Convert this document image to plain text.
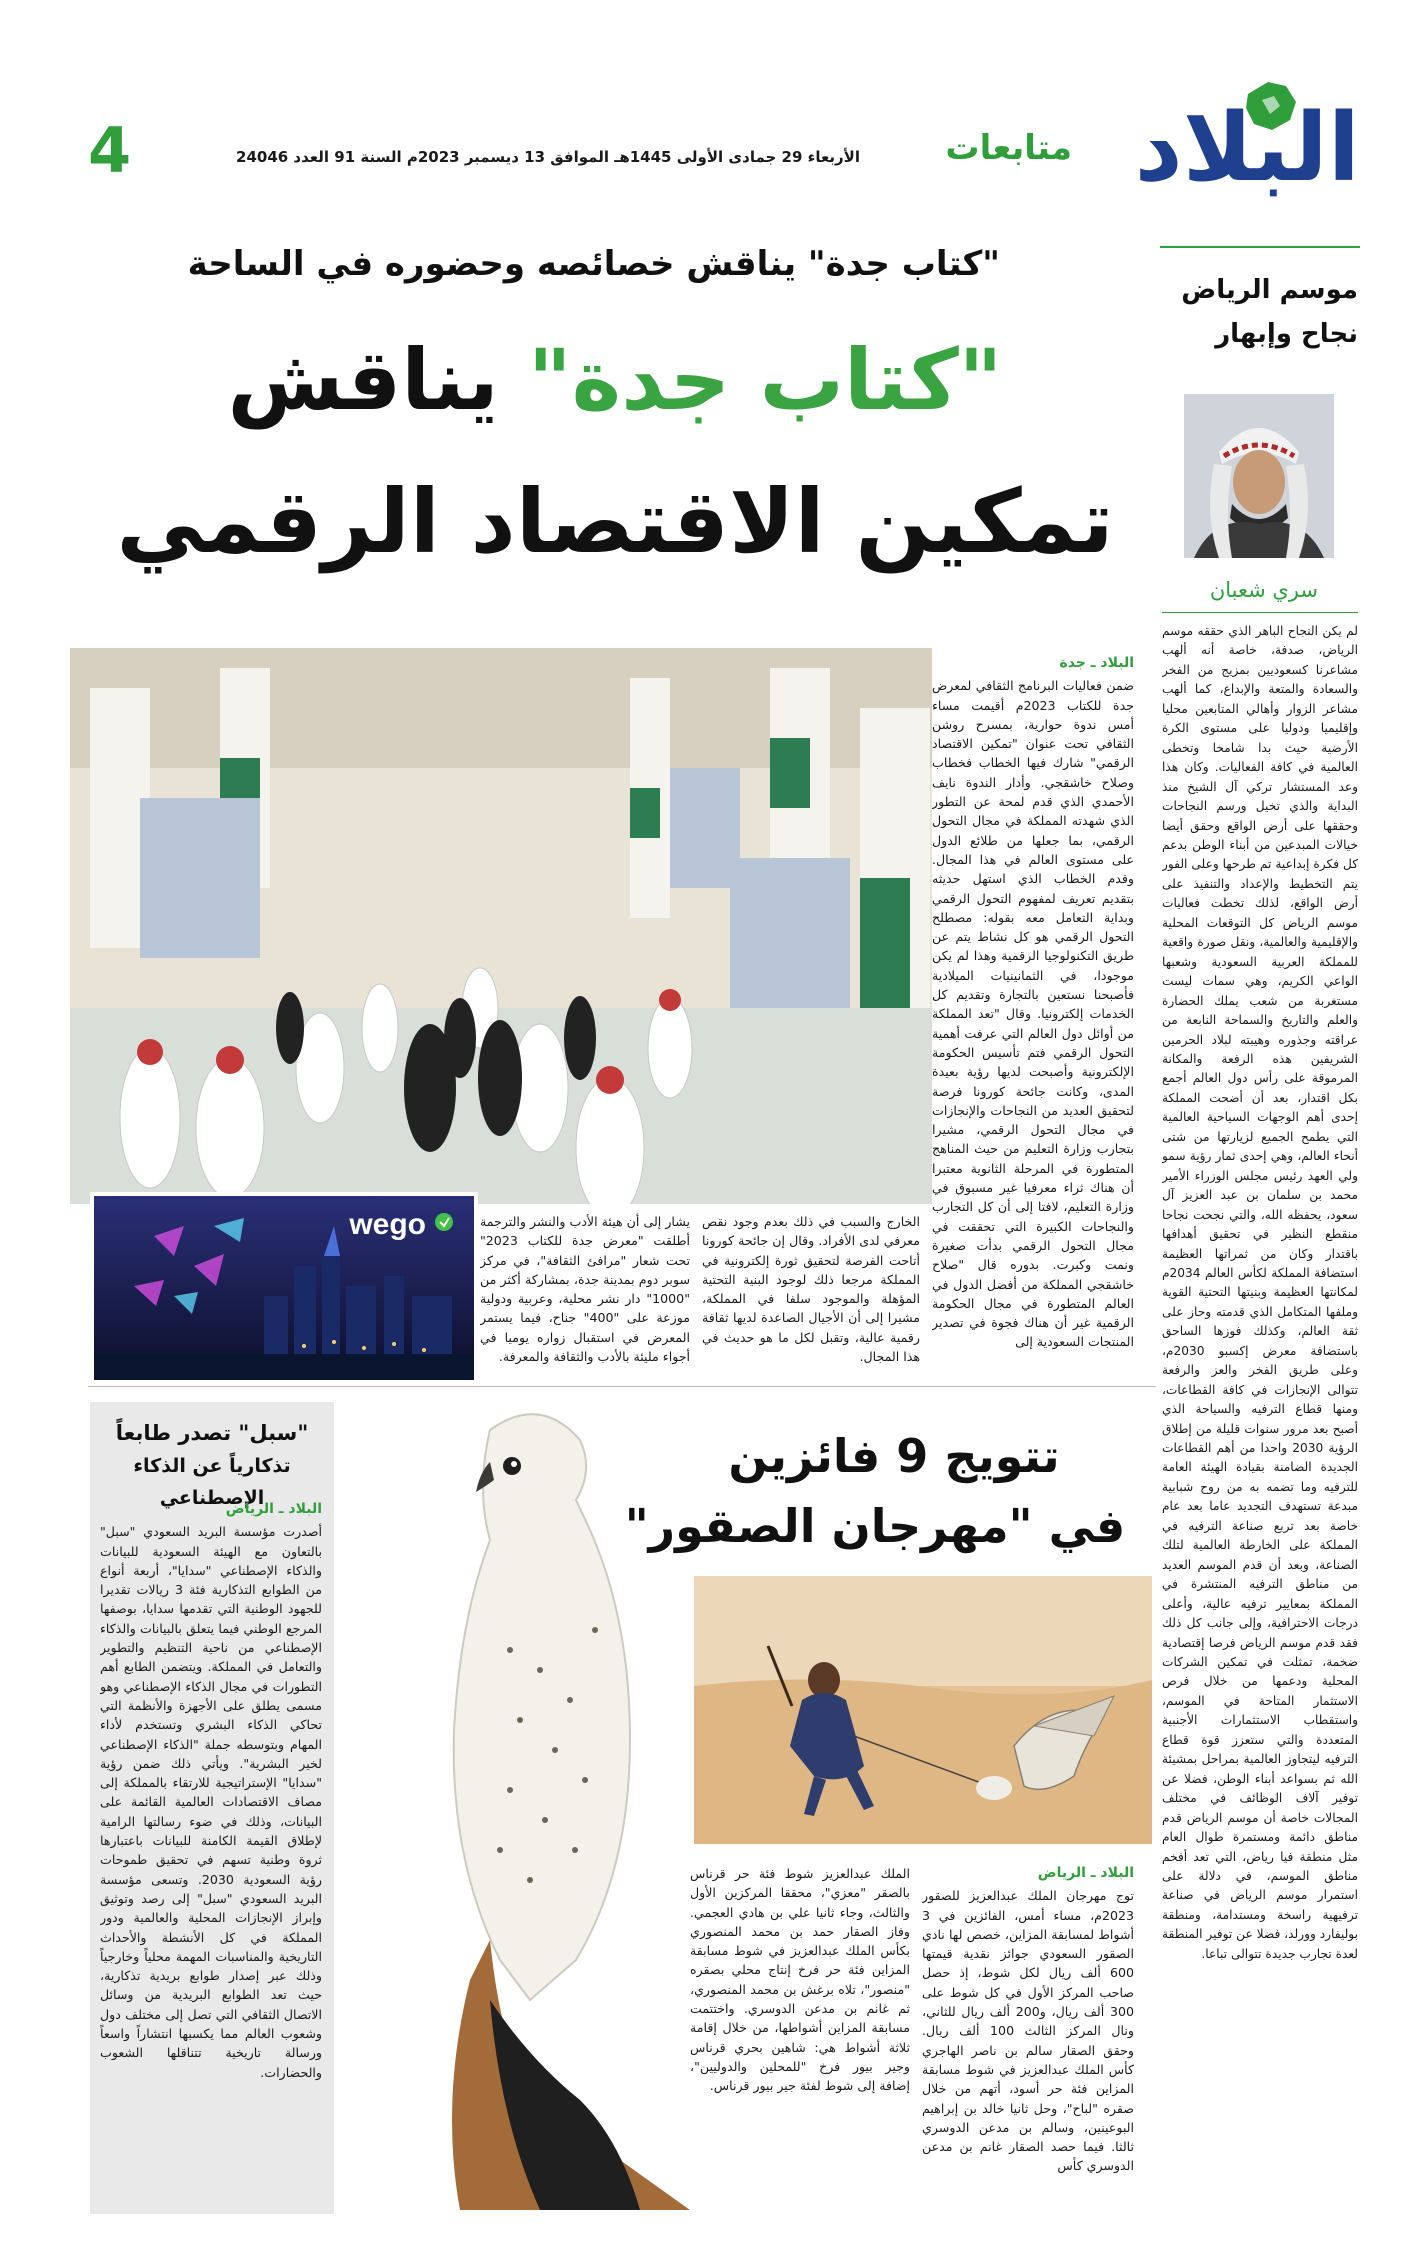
البلاد
متابعات
الأربعاء 29 جمادى الأولى 1445هـ الموافق 13 ديسمبر 2023م السنة 91 العدد 24046
4
موسم الرياض
نجاح وإبهار
سري شعبان
لم يكن النجاح الباهر الذي حققه موسم الرياض، صدفة، خاصة أنه ألهب مشاعرنا كسعوديين بمزيج من الفخر والسعادة والمتعة والإبداع، كما ألهب مشاعر الزوار وأهالي المتابعين محليا وإقليميا ودوليا على مستوى الكرة الأرضية حيث بدا شامخا وتخطى العالمية في كافة الفعاليات. وكان هذا وعد المستشار تركي آل الشيخ منذ البداية والذي تخيل ورسم النجاحات وحققها على أرض الواقع وحقق أيضا خيالات المبدعين من أبناء الوطن بدعم كل فكرة إبداعية تم طرحها وعلى الفور يتم التخطيط والإعداد والتنفيذ على أرض الواقع، لذلك تخطت فعاليات موسم الرياض كل التوقعات المحلية والإقليمية والعالمية، ونقل صورة واقعية للمملكة العربية السعودية وشعبها الواعي الكريم، وهي سمات ليست مستغربة من شعب يملك الحضارة والعلم والتاريخ والسماحة النابعة من عراقته وجذوره وهيبته لبلاد الحرمين الشريفين هذه الرفعة والمكانة المرموقة على رأس دول العالم أجمع بكل اقتدار، بعد أن أضحت المملكة إحدى أهم الوجهات السياحية العالمية التي يطمح الجميع لزيارتها من شتى أنحاء العالم، وهي إحدى ثمار رؤية سمو ولي العهد رئيس مجلس الوزراء الأمير محمد بن سلمان بن عبد العزيز آل سعود، يحفظه الله، والتي نجحت نجاحا منقطع النظير في تحقيق أهدافها باقتدار وكان من ثمراتها العظيمة استضافة المملكة لكأس العالم 2034م لمكانتها العظيمة وبنيتها التحتية القوية وملفها المتكامل الذي قدمته وحاز على ثقة العالم، وكذلك فوزها الساحق باستضافة معرض إكسبو 2030م، وعلى طريق الفخر والعز والرفعة تتوالى الإنجازات في كافة القطاعات، ومنها قطاع الترفيه والسياحة الذي أصبح بعد مرور سنوات قليلة من إطلاق الرؤية 2030 واحدا من أهم القطاعات الجديدة الضامنة بقيادة الهيئة العامة للترفيه وما تضمه به من روح شبابية مبدعة تستهدف التجديد عاما بعد عام خاصة بعد تربع صناعة الترفيه في المملكة على الخارطة العالمية لتلك الصناعة، وبعد أن قدم الموسم العديد من مناطق الترفيه المنتشرة في المملكة بمعايير ترفيه عالية، وأعلى درجات الاحترافية، وإلى جانب كل ذلك فقد قدم موسم الرياض فرصا إقتصادية ضخمة، تمثلت في تمكين الشركات المحلية ودعمها من خلال فرص الاستثمار المتاحة في الموسم، واستقطاب الاستثمارات الأجنبية المتعددة والتي ستعزز قوة قطاع الترفيه ليتجاوز العالمية بمراحل بمشيئة الله ثم بسواعد أبناء الوطن، فضلا عن توفير آلاف الوظائف في مختلف المجالات خاصة أن موسم الرياض قدم مناطق دائمة ومستمرة طوال العام مثل منطقة فيا رياض، التي تعد أفخم مناطق الموسم، في دلالة على استمرار موسم الرياض في صناعة ترفيهية راسخة ومستدامة، ومنطقة بوليفارد وورلد، فضلا عن توفير المنطقة لعدة تجارب جديدة تتوالى تباعا.
"كتاب جدة" يناقش خصائصه وحضوره في الساحة
"كتاب جدة" يناقش
تمكين الاقتصاد الرقمي
wego
البلاد ـ جدة
ضمن فعاليات البرنامج الثقافي لمعرض جدة للكتاب 2023م أقيمت مساء أمس ندوة حوارية، بمسرح روشن الثقافي تحت عنوان "تمكين الاقتصاد الرقمي" شارك فيها الخطاب فخطاب وصلاح خاشقجي. وأدار الندوة نايف الأحمدي الذي قدم لمحة عن التطور الذي شهدته المملكة في مجال التحول الرقمي، بما جعلها من طلائع الدول على مستوى العالم في هذا المجال. وقدم الخطاب الذي استهل حديثه بتقديم تعريف لمفهوم التحول الرقمي وبداية التعامل معه بقوله: مصطلح التحول الرقمي هو كل نشاط يتم عن طريق التكنولوجيا الرقمية وهذا لم يكن موجودا، في الثمانينيات الميلادية فأصبحنا نستعين بالتجارة وتقديم كل الخدمات إلكترونيا. وقال "تعد المملكة من أوائل دول العالم التي عرفت أهمية التحول الرقمي فتم تأسيس الحكومة الإلكترونية وأصبحت لديها رؤية بعيدة المدى، وكانت جائحة كورونا فرصة لتحقيق العديد من النجاحات والإنجازات في مجال التحول الرقمي، مشيرا بتجارب وزارة التعليم من حيث المناهج المتطورة في المرحلة الثانوية معتبرا أن هناك ثراء معرفيا غير مسبوق في وزارة التعليم، لافتا إلى أن كل التجارب والنجاحات الكبيرة التي تحققت في مجال التحول الرقمي بدأت صغيرة ونمت وكبرت. بدوره قال "صلاح خاشقجي المملكة من أفضل الدول في العالم المتطورة في مجال الحكومة الرقمية غير أن هناك فجوة في تصدير المنتجات السعودية إلى
الخارج والسبب في ذلك بعدم وجود نقص معرفي لدى الأفراد. وقال إن جائحة كورونا أتاحت الفرصة لتحقيق ثورة إلكترونية في المملكة مرجعا ذلك لوجود البنية التحتية المؤهلة والموجود سلفا في المملكة، مشيرا إلى أن الأجيال الصاعدة لديها ثقافة رقمية عالية، وتقبل لكل ما هو حديث في هذا المجال.
يشار إلى أن هيئة الأدب والنشر والترجمة أطلقت "معرض جدة للكتاب 2023" تحت شعار "مرافئ الثقافة"، في مركز سوبر دوم بمدينة جدة، بمشاركة أكثر من "1000" دار نشر محلية، وعربية ودولية موزعة على "400" جناح، فيما يستمر المعرض في استقبال زواره يوميا في أجواء مليئة بالأدب والثقافة والمعرفة.
"سبل" تصدر طابعاً
تذكارياً عن الذكاء الإصطناعي
البلاد ـ الرياض
أصدرت مؤسسة البريد السعودي "سبل" بالتعاون مع الهيئة السعودية للبيانات والذكاء الإصطناعي "سدايا"، أربعة أنواع من الطوابع التذكارية فئة 3 ريالات تقديرا للجهود الوطنية التي تقدمها سدايا، بوصفها المرجع الوطني فيما يتعلق بالبيانات والذكاء الإصطناعي من ناحية التنظيم والتطوير والتعامل في المملكة. ويتضمن الطابع أهم التطورات في مجال الذكاء الإصطناعي وهو مسمى يطلق على الأجهزة والأنظمة التي تحاكي الذكاء البشري وتستخدم لأداء المهام وبتوسطه جملة "الذكاء الإصطناعي لخير البشرية". ويأتي ذلك ضمن رؤية "سدايا" الإستراتيجية للارتقاء بالمملكة إلى مصاف الاقتصادات العالمية القائمة على البيانات، وذلك في ضوء رسالتها الرامية لإطلاق القيمة الكامنة للبيانات باعتبارها ثروة وطنية تسهم في تحقيق طموحات رؤية السعودية 2030. وتسعى مؤسسة البريد السعودي "سبل" إلى رصد وتوثيق وإبراز الإنجازات المحلية والعالمية ودور المملكة في كل الأنشطة والأحداث التاريخية والمناسبات المهمة محلياً وخارجياً وذلك عبر إصدار طوابع بريدية تذكارية، حيث تعد الطوابع البريدية من وسائل الاتصال الثقافي التي تصل إلى مختلف دول وشعوب العالم مما يكسبها انتشاراً واسعاً ورسالة تاريخية تتناقلها الشعوب والحضارات.
تتويج 9 فائزين
في "مهرجان الصقور"
البلاد ـ الرياض
توج مهرجان الملك عبدالعزيز للصقور 2023م، مساء أمس، الفائزين في 3 أشواط لمسابقة المزاين، خصص لها نادي الصقور السعودي جوائز نقدية قيمتها 600 ألف ريال لكل شوط، إذ حصل صاحب المركز الأول في كل شوط على 300 ألف ريال، و200 ألف ريال للثاني، ونال المركز الثالث 100 ألف ريال. وحقق الصقار سالم بن ناصر الهاجري كأس الملك عبدالعزيز في شوط مسابقة المزاين فئة حر أسود، أتهم من خلال صقره "لباح"، وحل ثانيا خالد بن إبراهيم البوعينين، وسالم بن مدعن الدوسري ثالثا. فيما حصد الصقار غانم بن مدعن الدوسري كأس
الملك عبدالعزيز شوط فئة حر قرناس بالصقر "معزي"، محققا المركزين الأول والثالث، وجاء ثانيا علي بن هادي العجمي. وفاز الصقار حمد بن محمد المنصوري بكأس الملك عبدالعزيز في شوط مسابقة المزاين فئة حر فرخ إنتاج محلي بصقره "منصور"، تلاه برغش بن محمد المنصوري، ثم غانم بن مدعن الدوسري. واختتمت مسابقة المزاين أشواطها، من خلال إقامة ثلاثة أشواط هي: شاهين بحري قرناس وجير بيور فرخ "للمحلين والدوليين"، إضافة إلى شوط لفئة جير بيور قرناس.
